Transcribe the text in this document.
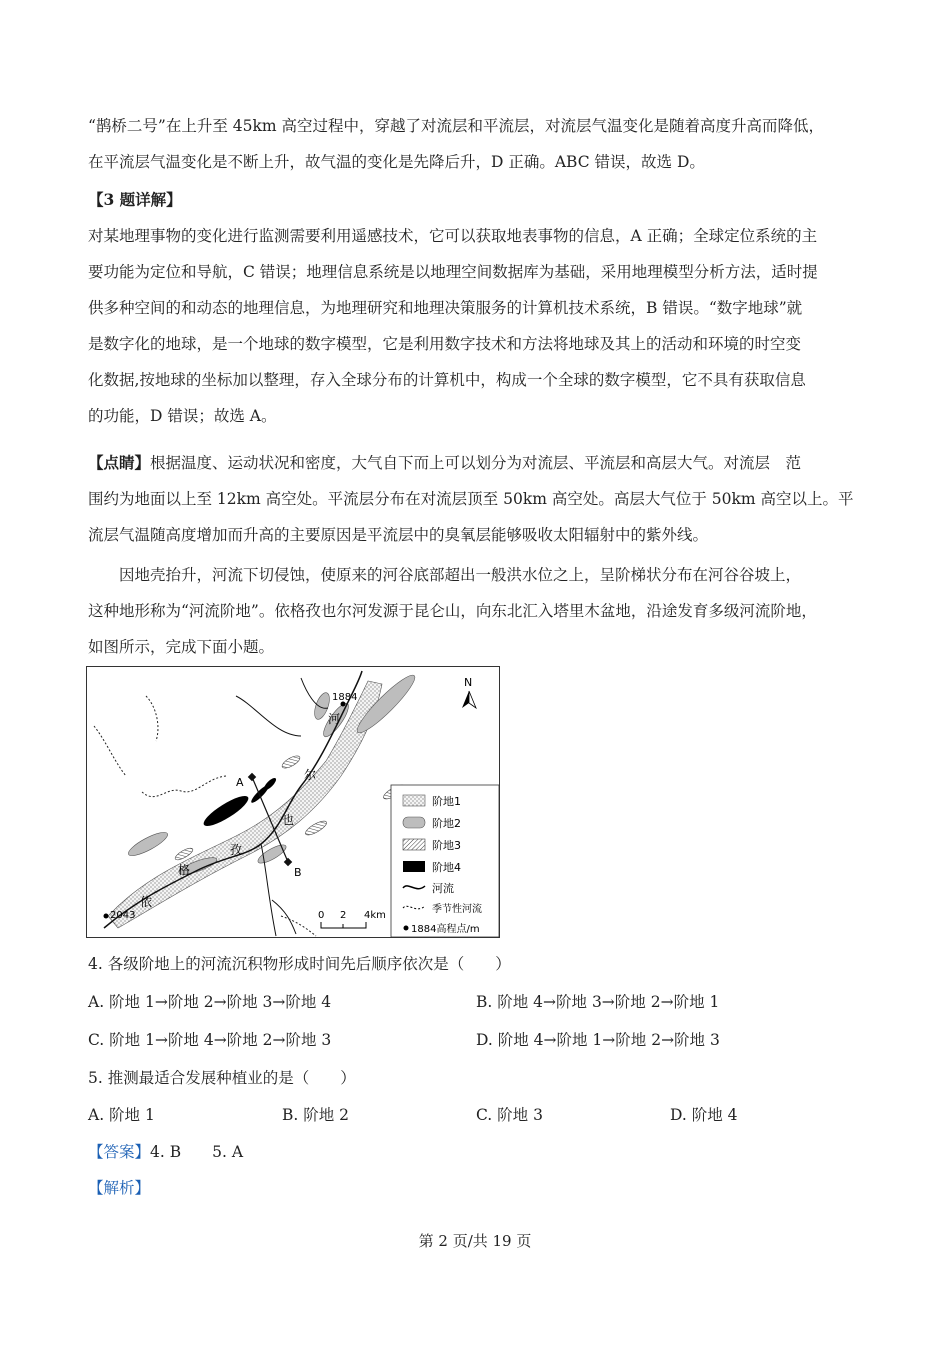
“鹊桥二号”在上升至 45km 高空过程中，穿越了对流层和平流层，对流层气温变化是随着高度升高而降低，
在平流层气温变化是不断上升，故气温的变化是先降后升，D 正确。ABC 错误，故选 D。
【3 题详解】
对某地理事物的变化进行监测需要利用遥感技术，它可以获取地表事物的信息，A 正确；全球定位系统的主
要功能为定位和导航，C 错误；地理信息系统是以地理空间数据库为基础，采用地理模型分析方法，适时提
供多种空间的和动态的地理信息，为地理研究和地理决策服务的计算机技术系统，B 错误。“数字地球”就
是数字化的地球，是一个地球的数字模型，它是利用数字技术和方法将地球及其上的活动和环境的时空变
化数据,按地球的坐标加以整理，存入全球分布的计算机中，构成一个全球的数字模型，它不具有获取信息
的功能，D 错误；故选 A。
【点睛】根据温度、运动状况和密度，大气自下而上可以划分为对流层、平流层和高层大气。对流层　范
围约为地面以上至 12km 高空处。平流层分布在对流层顶至 50km 高空处。高层大气位于 50km 高空以上。平
流层气温随高度增加而升高的主要原因是平流层中的臭氧层能够吸收太阳辐射中的紫外线。
因地壳抬升，河流下切侵蚀，使原来的河谷底部超出一般洪水位之上，呈阶梯状分布在河谷谷坡上，
这种地形称为“河流阶地”。依格孜也尔河发源于昆仑山，向东北汇入塔里木盆地，沿途发育多级河流阶地，
如图所示，完成下面小题。
A
B
1884
2043
河
尔
也
孜
格
依
N
阶地1
阶地2
阶地3
阶地4
河流
季节性河流
1884高程点/m
0 2 4km
4. 各级阶地上的河流沉积物形成时间先后顺序依次是（　　）
A. 阶地 1→阶地 2→阶地 3→阶地 4	B. 阶地 4→阶地 3→阶地 2→阶地 1
C. 阶地 1→阶地 4→阶地 2→阶地 3	D. 阶地 4→阶地 1→阶地 2→阶地 3
5. 推测最适合发展种植业的是（　　）
A. 阶地 1	B. 阶地 2	C. 阶地 3	D. 阶地 4
【答案】4. B　　5. A
【解析】
第 2 页/共 19 页
